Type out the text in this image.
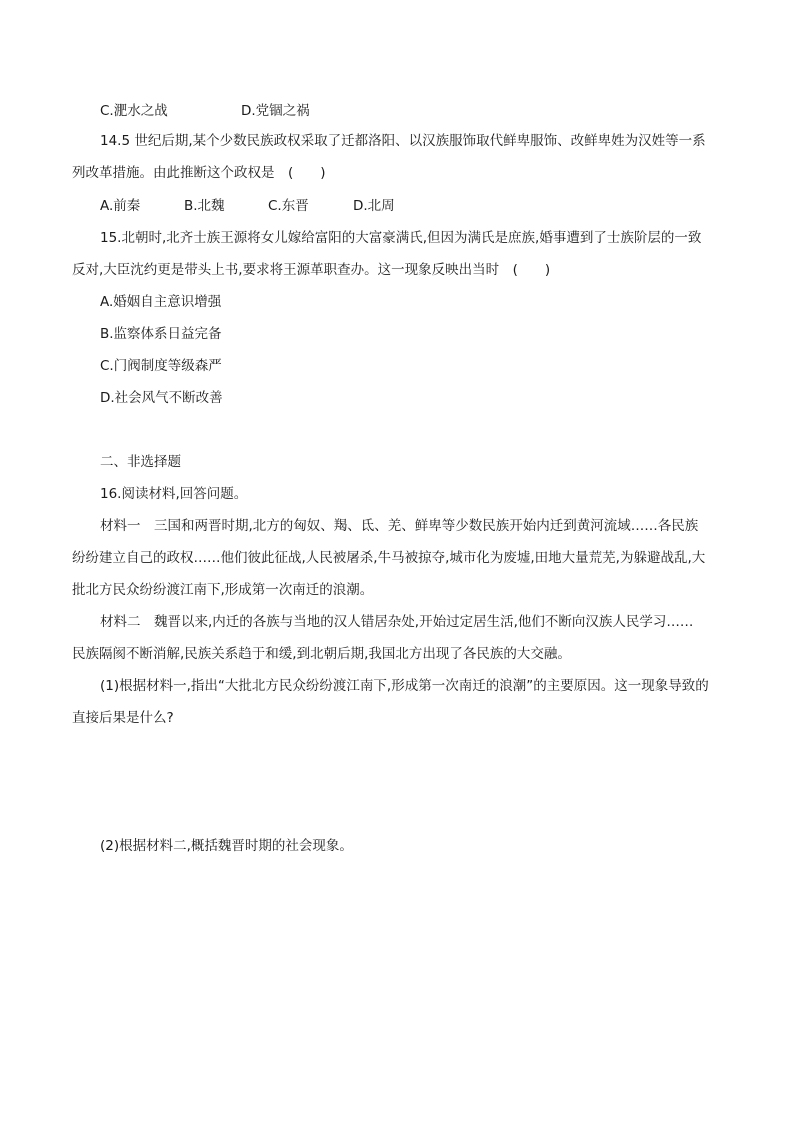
C.淝水之战	D.党锢之祸
14.5 世纪后期,某个少数民族政权采取了迁都洛阳、以汉族服饰取代鲜卑服饰、改鲜卑姓为汉姓等一系
列改革措施。由此推断这个政权是　(　　)
A.前秦	B.北魏	C.东晋	D.北周
15.北朝时,北齐士族王源将女儿嫁给富阳的大富豪满氏,但因为满氏是庶族,婚事遭到了士族阶层的一致
反对,大臣沈约更是带头上书,要求将王源革职查办。这一现象反映出当时　(　　)
A.婚姻自主意识增强
B.监察体系日益完备
C.门阀制度等级森严
D.社会风气不断改善
二、非选择题
16.阅读材料,回答问题。
材料一　三国和两晋时期,北方的匈奴、羯、氐、羌、鲜卑等少数民族开始内迁到黄河流域……各民族
纷纷建立自己的政权……他们彼此征战,人民被屠杀,牛马被掠夺,城市化为废墟,田地大量荒芜,为躲避战乱,大
批北方民众纷纷渡江南下,形成第一次南迁的浪潮。
材料二　魏晋以来,内迁的各族与当地的汉人错居杂处,开始过定居生活,他们不断向汉族人民学习……
民族隔阂不断消解,民族关系趋于和缓,到北朝后期,我国北方出现了各民族的大交融。
(1)根据材料一,指出“大批北方民众纷纷渡江南下,形成第一次南迁的浪潮”的主要原因。这一现象导致的
直接后果是什么?
(2)根据材料二,概括魏晋时期的社会现象。
